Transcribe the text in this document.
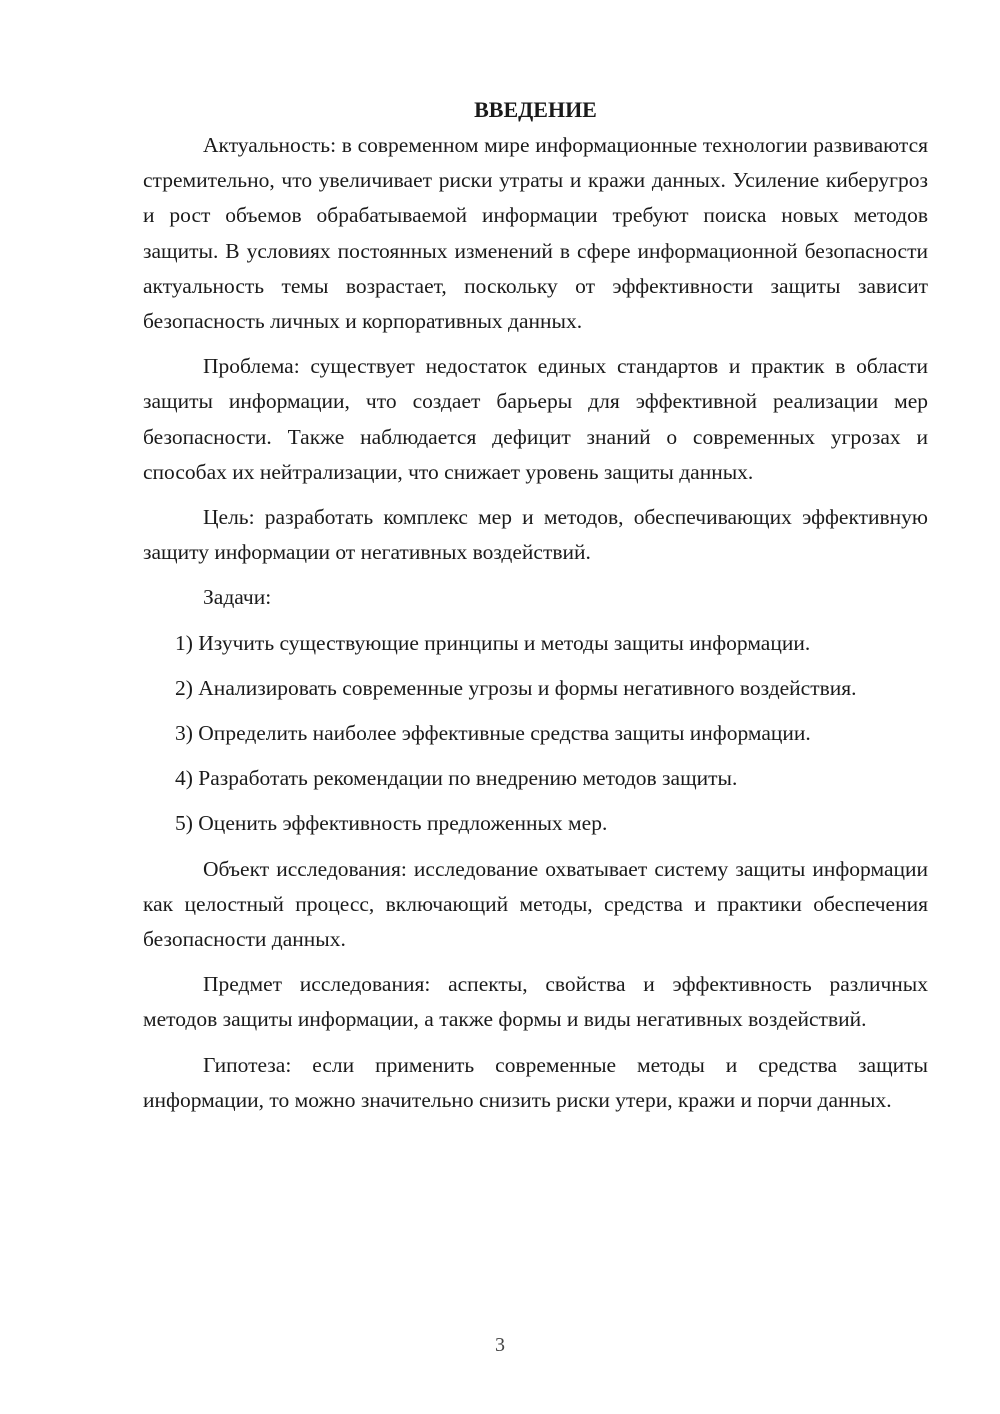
ВВЕДЕНИЕ

Актуальность: в современном мире информационные технологии развиваются стремительно, что увеличивает риски утраты и кражи данных. Усиление киберугроз и рост объемов обрабатываемой информации требуют поиска новых методов защиты. В условиях постоянных изменений в сфере информационной безопасности актуальность темы возрастает, поскольку от эффективности защиты зависит безопасность личных и корпоративных данных.

Проблема: существует недостаток единых стандартов и практик в области защиты информации, что создает барьеры для эффективной реализации мер безопасности. Также наблюдается дефицит знаний о современных угрозах и способах их нейтрализации, что снижает уровень защиты данных.

Цель: разработать комплекс мер и методов, обеспечивающих эффективную защиту информации от негативных воздействий.

Задачи:

1) Изучить существующие принципы и методы защиты информации.

2) Анализировать современные угрозы и формы негативного воздействия.

3) Определить наиболее эффективные средства защиты информации.

4) Разработать рекомендации по внедрению методов защиты.

5) Оценить эффективность предложенных мер.

Объект исследования: исследование охватывает систему защиты информации как целостный процесс, включающий методы, средства и практики обеспечения безопасности данных.

Предмет исследования: аспекты, свойства и эффективность различных методов защиты информации, а также формы и виды негативных воздействий.

Гипотеза: если применить современные методы и средства защиты информации, то можно значительно снизить риски утери, кражи и порчи данных.

3
